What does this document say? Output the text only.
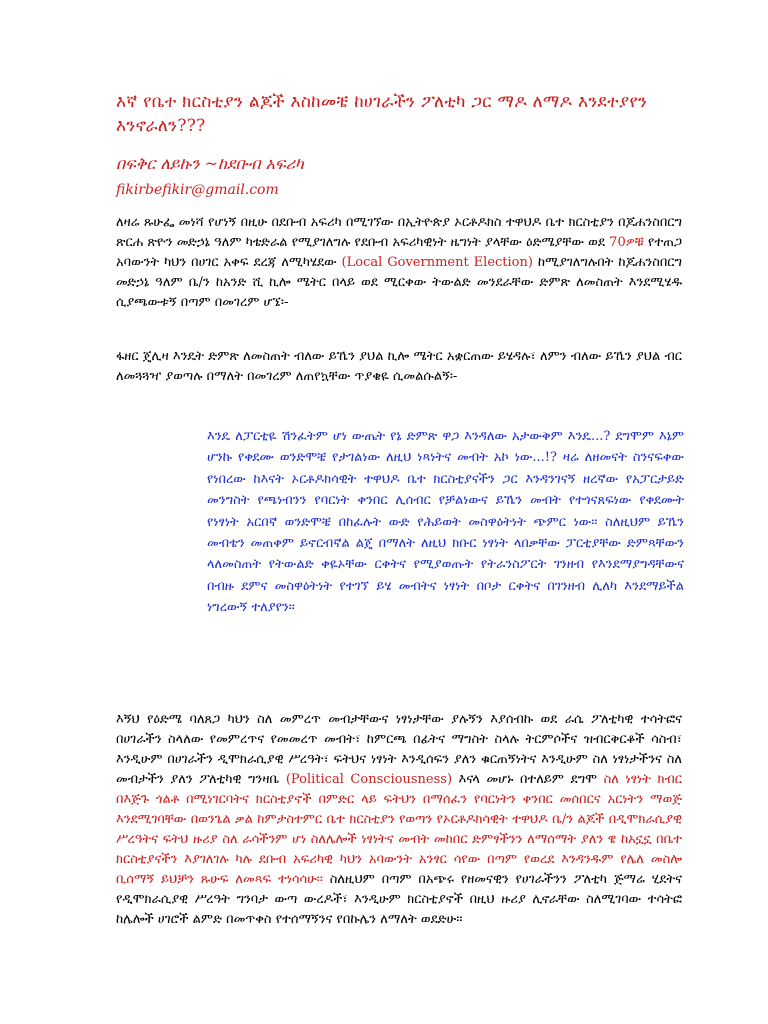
እኛ የቤተ ክርስቲያን ልጆች እስከመቼ ከሀገራችን ፖለቲካ ጋር ማዶ ለማዶ እንደተያየን እንኖራለን???
በፍቅር ለይኩን ~ከደቡብ አፍሪካ
fikirbefikir@gmail.com
ለዛሬ ጹሁፌ መነሻ የሆነኝ በዚሁ በደቡብ አፍሪካ በሚገኘው በኢትዮጵያ ኦርቶዶክስ ተዋህዶ ቤተ ክርስቲያን በጆሐንስበርግ ጽርሐ ጽዮን መድኃኔ ዓለም ካቴድራል የሚያገለግሉ የደቡብ አፍሪካዊነት ዜግነት ያላቸው ዕድሜያቸው ወደ 70ዎቹ የተጠጋ አባውንት ካህን በሀገር አቀፍ ደረጃ ለሚካሄደው (Local Government Election) ከሚያገለግሉበት ከጆሐንስበርግ መድኃኔ ዓለም ቤ/ን ከአንድ ሺ ኪሎ ሜትር በላይ ወደ ሚርቀው ትውልድ መንደራቸው ድምጽ ለመስጠት እንደሚሄዱ ሲያጫውቱኝ በጣም በመገረም ሆኜ፡-
ፋዘር ጄሊዛ እንዴት ድምጽ ለመስጠት ብለው ይኼን ያህል ኪሎ ሜትር አቋርጠው ይሄዳሉ፣ ለምን ብለው ይኼን ያህል ብር ለመጓጓዣ ያወጣሉ በማለት በመገረም ለጠየኳቸው ጥያቄዬ ሲመልሱልኝ፡-
እንዴ ለፓርቲዬ ሽንፈትም ሆነ ውጤት የኔ ድምጽ ዋጋ እንዳለው አታውቅም እንዴ...? ደግሞም እኔም ሆንኩ የቀደሙ ወንድሞቼ የታገልነው ለዚህ ነጻነትና መብት አኮ ነው...!? ዛሬ ለዘመናት ስንናፍቀው የነበረው ከእናት ኦርቶዶክሳዊት ተዋህዶ ቤተ ክርስቲያናችን ጋር እንዳንገናኝ ዘረኛው የአፓርታይድ መንግስት የጫነብንን የባርነት ቀንበር ሊሰብር የቻልነውና ይኼን መብት የተጎናጸፍነው የቀደሙት የነፃነት አርበኛ ወንድሞቼ በከፈሉት ውድ የሕይወት መስዋዕትነት ጭምር ነው፡፡ ስለዚህም ይኼን መብቴን መጠቀም ይኖርብኛል ልጄ በማለት ለዚህ ክቡር ነፃነት ላበቃቸው ፓርቲያቸው ድምጻቸውን ላለመስጠት የትውልድ ቀዬኦቸው ርቀትና የሚያወጡት የትራንስፖርት ገንዘብ የእንደማያግዳቸውና በብዙ ደምና መስዋዕትነት የተገኘ ይሄ መብትና ነፃነት በቦታ ርቀትና በገንዘብ ሊለካ እንደማይችል ነግረውኝ ተለያየን፡፡
እኝህ የዕድሜ ባለጸጋ ካህን ስለ መምረጥ መብታቸውና ነፃነታቸው ያሉኝን እያሰብኩ ወደ ራሴ ፖለቲካዊ ተሳትፎና በሀገራችን ስላለው የመምረጥና የመመረጥ መብት፣ ከምርጫ በፊትና ማግስት ስላሉ ትርምሶችና ዝብርቅርቆች ሳስብ፣ እንዲሁም በሀገራችን ዲሞክራሲያዊ ሥረዓት፣ ፍትህና ነፃነት እንዲሰፍን ያለን ቁርጠኝነትና እንዲሁም ስለ ነፃነታችንና ስለ መብታችን ያለን ፖለቲካዊ ግንዛቤ (Political Consciousness) እናላ መሆኑ በተለይም ደግሞ ስለ ነፃነት ክብር በእጅጉ ጎልቶ በሚነገርባትና ክርስቲያኖች በምድር ላይ ፍትህን በማሰፈን የባርነትን ቀንበር መሰበርና አርነትን ማወጅ እንደሚገባቸው በወንጌል ቃል ከምታስተምር ቤተ ክርስቲያን የወጣን የኦርቶዶክሳዊት ተዋህዶ ቤ/ን ልጆች በዲሞክራሲያዊ ሥረዓትና ፍትህ ዙሪያ ስለ ራሳችንም ሆነ ስለሌሎች ነፃነትና መብት መከበር ድምፃችንን ለማሰማት ያለን ዌ ከአኗኗ በቤተ ክርስቲያናችን እያገለገሉ ካሉ ደቡብ አፍሪካዊ ካህን አባውንት አንፃር ሳየው በጣም የወረደ እንዳንዱም የሌለ መስሎ ቢሰማኝ ይህቻን ጹሁፍ ለመጻፍ ተነሳሳሁ፡፡ ስለዚህም በጣም በአጭሩ የዘመናዊን የሀገራችንን ፖለቲካ ጅማሬ ሂደትና የዲሞክራሲያዊ ሥረዓት ግንባታ ውጣ ውረዶች፣ እንዲሁም ክርስቲያኖች በዚህ ዙሪያ ሊኖራቸው ስለሚገባው ተሳትፎ ከሌሎች ሀገሮች ልምድ በመጥቀስ የተሰማኝንና የበኩሌን ለማለት ወደድሁ፡፡
